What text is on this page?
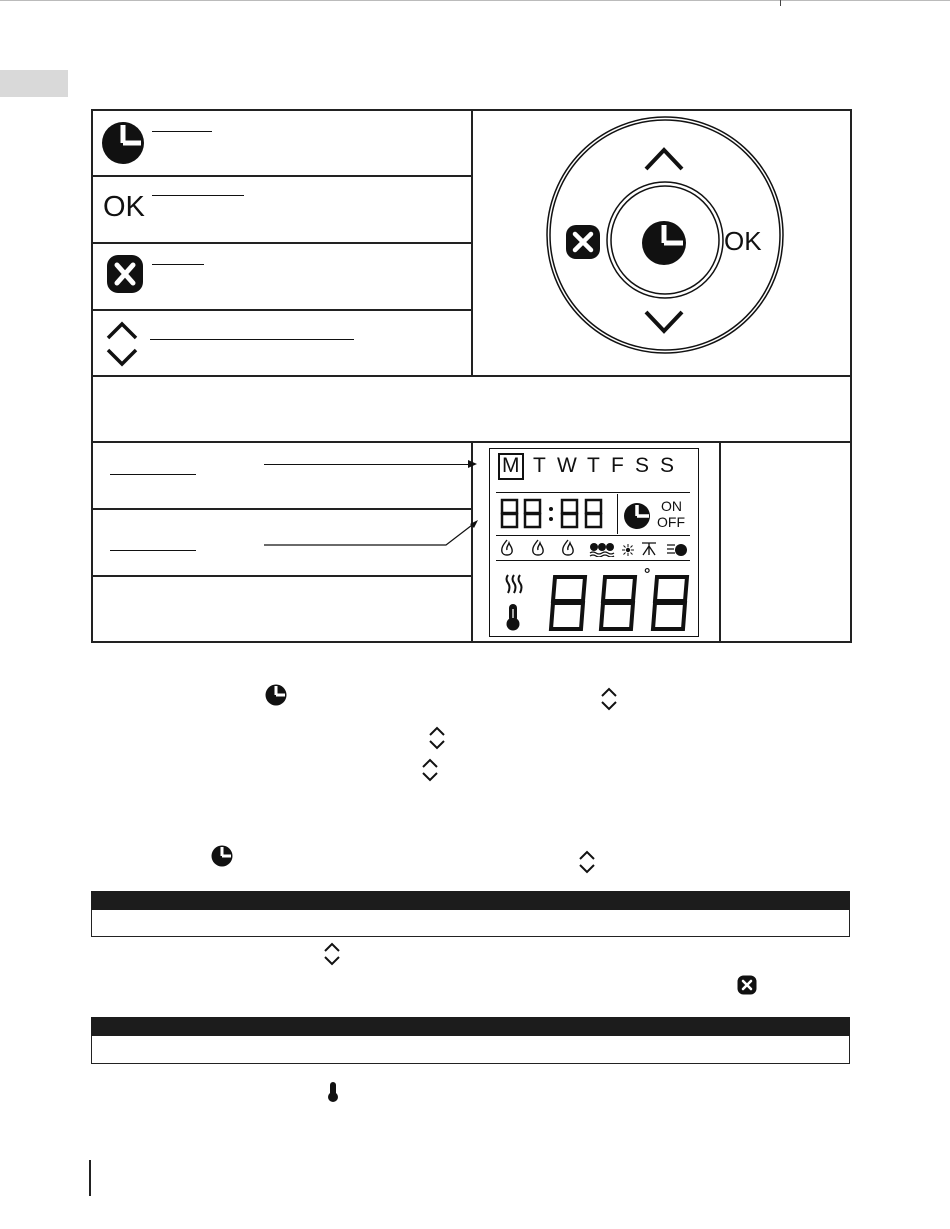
OK
OK
M T W T F S S
ON
OFF
°
